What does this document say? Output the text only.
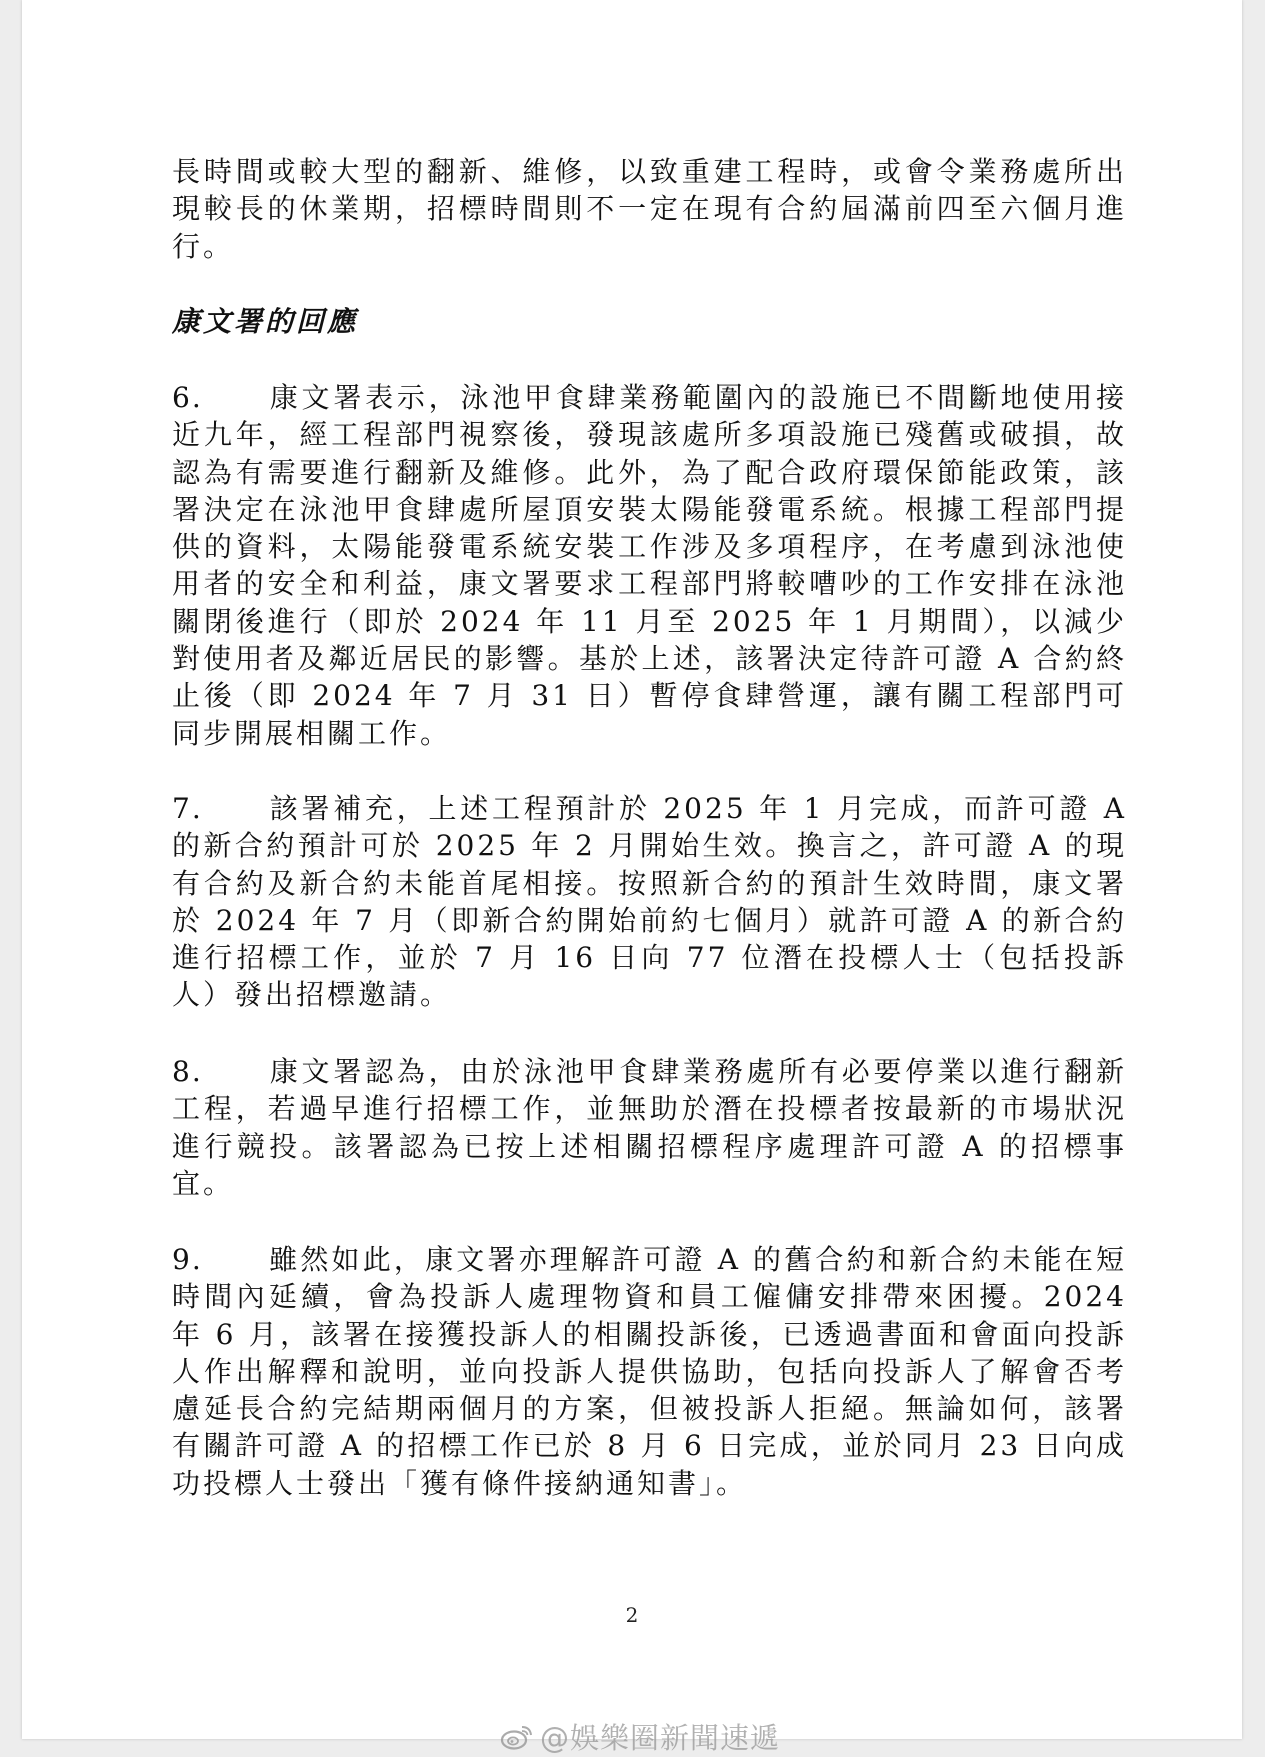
長時間或較大型的翻新、維修，以致重建工程時，或會令業務處所出現較長的休業期，招標時間則不一定在現有合約屆滿前四至六個月進行。
康文署的回應
6. 康文署表示，泳池甲食肆業務範圍內的設施已不間斷地使用接近九年，經工程部門視察後，發現該處所多項設施已殘舊或破損，故認為有需要進行翻新及維修。此外，為了配合政府環保節能政策，該署決定在泳池甲食肆處所屋頂安裝太陽能發電系統。根據工程部門提供的資料，太陽能發電系統安裝工作涉及多項程序，在考慮到泳池使用者的安全和利益，康文署要求工程部門將較嘈吵的工作安排在泳池關閉後進行（即於 2024 年 11 月至 2025 年 1 月期間），以減少對使用者及鄰近居民的影響。基於上述，該署決定待許可證 A 合約終止後（即 2024 年 7 月 31 日）暫停食肆營運，讓有關工程部門可同步開展相關工作。
7. 該署補充，上述工程預計於 2025 年 1 月完成，而許可證 A 的新合約預計可於 2025 年 2 月開始生效。換言之，許可證 A 的現有合約及新合約未能首尾相接。按照新合約的預計生效時間，康文署於 2024 年 7 月（即新合約開始前約七個月）就許可證 A 的新合約進行招標工作，並於 7 月 16 日向 77 位潛在投標人士（包括投訴人）發出招標邀請。
8. 康文署認為，由於泳池甲食肆業務處所有必要停業以進行翻新工程，若過早進行招標工作，並無助於潛在投標者按最新的市場狀況進行競投。該署認為已按上述相關招標程序處理許可證 A 的招標事宜。
9. 雖然如此，康文署亦理解許可證 A 的舊合約和新合約未能在短時間內延續，會為投訴人處理物資和員工僱傭安排帶來困擾。2024 年 6 月，該署在接獲投訴人的相關投訴後，已透過書面和會面向投訴人作出解釋和說明，並向投訴人提供協助，包括向投訴人了解會否考慮延長合約完結期兩個月的方案，但被投訴人拒絕。無論如何，該署有關許可證 A 的招標工作已於 8 月 6 日完成，並於同月 23 日向成功投標人士發出「獲有條件接納通知書」。
2
@娛樂圈新聞速遞
